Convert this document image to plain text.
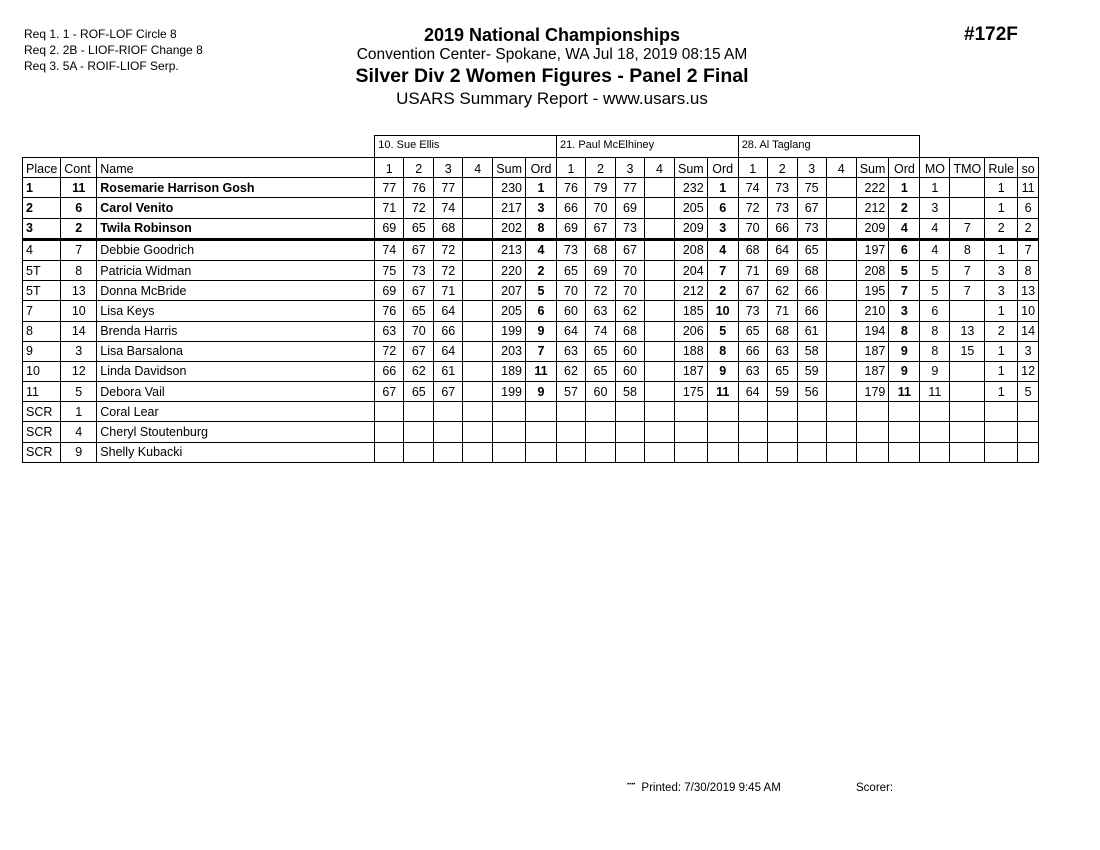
Req 1. 1 - ROF-LOF Circle 8
Req 2. 2B - LIOF-RIOF Change 8
Req 3. 5A - ROIF-LIOF Serp.
2019 National Championships
Convention Center- Spokane, WA Jul 18, 2019 08:15 AM
Silver Div 2 Women Figures - Panel 2 Final
USARS Summary Report - www.usars.us
#172F
			10. Sue Ellis						21. Paul McElhiney						28. Al Taglang									
Place	Cont	Name	1	2	3	4	Sum	Ord	1	2	3	4	Sum	Ord	1	2	3	4	Sum	Ord	MO	TMO	Rule	so
1	11	Rosemarie Harrison Gosh	77	76	77		230	1	76	79	77		232	1	74	73	75		222	1	1		1	11
2	6	Carol Venito	71	72	74		217	3	66	70	69		205	6	72	73	67		212	2	3		1	6
3	2	Twila Robinson	69	65	68		202	8	69	67	73		209	3	70	66	73		209	4	4	7	2	2
4	7	Debbie Goodrich	74	67	72		213	4	73	68	67		208	4	68	64	65		197	6	4	8	1	7
5T	8	Patricia Widman	75	73	72		220	2	65	69	70		204	7	71	69	68		208	5	5	7	3	8
5T	13	Donna McBride	69	67	71		207	5	70	72	70		212	2	67	62	66		195	7	5	7	3	13
7	10	Lisa Keys	76	65	64		205	6	60	63	62		185	10	73	71	66		210	3	6		1	10
8	14	Brenda Harris	63	70	66		199	9	64	74	68		206	5	65	68	61		194	8	8	13	2	14
9	3	Lisa Barsalona	72	67	64		203	7	63	65	60		188	8	66	63	58		187	9	8	15	1	3
10	12	Linda Davidson	66	62	61		189	11	62	65	60		187	9	63	65	59		187	9	9		1	12
11	5	Debora Vail	67	65	67		199	9	57	60	58		175	11	64	59	56		179	11	11		1	5
SCR	1	Coral Lear																						
SCR	4	Cheryl Stoutenburg																						
SCR	9	Shelly Kubacki																						
•••• Printed: 7/30/2019 9:45 AM	Scorer:
